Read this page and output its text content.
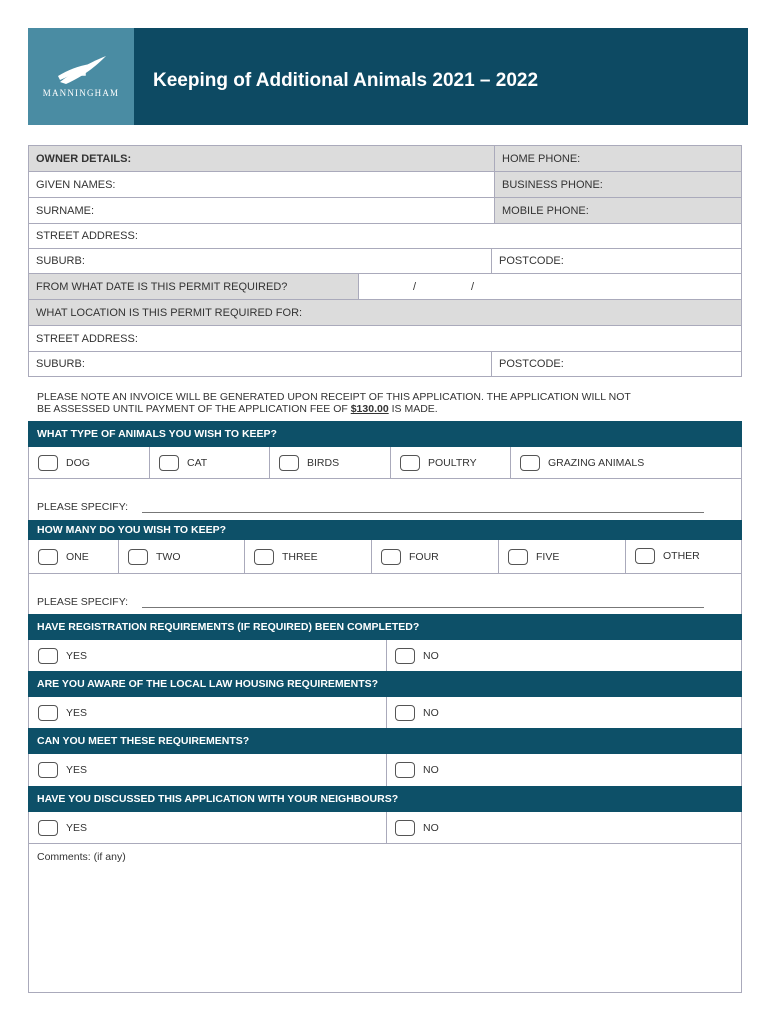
MANNINGHAM
Keeping of Additional Animals 2021 – 2022
OWNER DETAILS:	HOME PHONE:
GIVEN NAMES:	BUSINESS PHONE:
SURNAME:	MOBILE PHONE:
STREET ADDRESS:
SUBURB:	POSTCODE:
FROM WHAT DATE IS THIS PERMIT REQUIRED?	/	/
WHAT LOCATION IS THIS PERMIT REQUIRED FOR:
STREET ADDRESS:
SUBURB:	POSTCODE:
PLEASE NOTE AN INVOICE WILL BE GENERATED UPON RECEIPT OF THIS APPLICATION. THE APPLICATION WILL NOT
BE ASSESSED UNTIL PAYMENT OF THE APPLICATION FEE OF $130.00 IS MADE.
WHAT TYPE OF ANIMALS YOU WISH TO KEEP?
DOG	CAT	BIRDS	POULTRY	GRAZING ANIMALS
PLEASE SPECIFY:
HOW MANY DO YOU WISH TO KEEP?
ONE	TWO	THREE	FOUR	FIVE	OTHER
PLEASE SPECIFY:
HAVE REGISTRATION REQUIREMENTS (IF REQUIRED) BEEN COMPLETED?
YES	NO
ARE YOU AWARE OF THE LOCAL LAW HOUSING REQUIREMENTS?
YES	NO
CAN YOU MEET THESE REQUIREMENTS?
YES	NO
HAVE YOU DISCUSSED THIS APPLICATION WITH YOUR NEIGHBOURS?
YES	NO
Comments: (if any)
